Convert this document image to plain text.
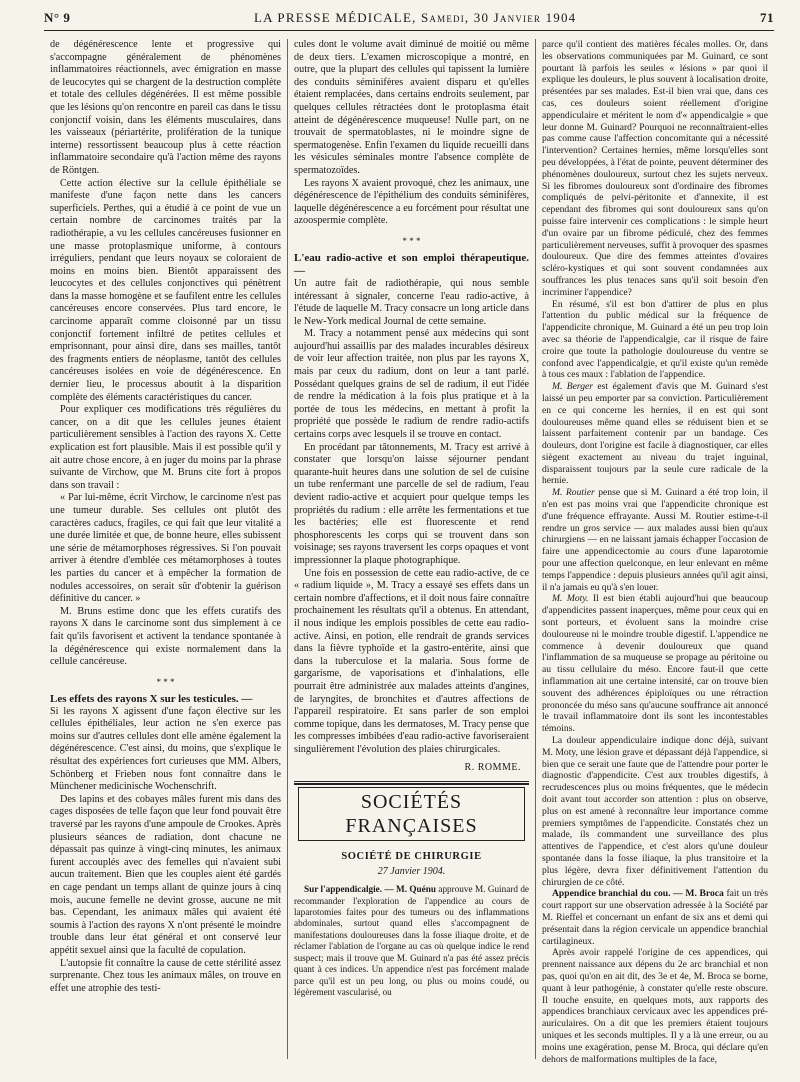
N° 9	LA PRESSE MÉDICALE, Samedi, 30 Janvier 1904	71

de dégénérescence lente et progressive qui s'accompagne généralement de phénomènes inflammatoires réactionnels, avec émigration en masse de leucocytes qui se chargent de la destruction complète et totale des cellules dégénérées. Il est même possible que les lésions qu'on rencontre en pareil cas dans le tissu conjonctif voisin, dans les éléments musculaires, dans les vaisseaux (périartérite, prolifération de la tunique interne) ressortissent beaucoup plus à cette réaction inflammatoire secondaire qu'à l'action même des rayons de Röntgen.

Cette action élective sur la cellule épithéliale se manifeste d'une façon nette dans les cancers superficiels. Perthes, qui a étudié à ce point de vue un certain nombre de carcinomes traités par la radiothérapie, a vu les cellules cancéreuses fusionner en une masse protoplasmique uniforme, à contours irréguliers, pendant que leurs noyaux se coloraient de moins en moins bien. Bientôt apparaissent des leucocytes et des cellules conjonctives qui pénètrent dans la masse homogène et se faufilent entre les cellules cancéreuses encore conservées. Plus tard encore, le carcinome apparaît comme cloisonné par un tissu conjonctif fortement infiltré de petites cellules et emprisonnant, pour ainsi dire, dans ses mailles, tantôt des fragments entiers de néoplasme, tantôt des cellules cancéreuses isolées en voie de dégénérescence. En dernier lieu, le processus aboutit à la disparition complète des éléments caractéristiques du cancer.

Pour expliquer ces modifications très régulières du cancer, on a dit que les cellules jeunes étaient particulièrement sensibles à l'action des rayons X. Cette explication est fort plausible. Mais il est possible qu'il y ait autre chose encore, à en juger du moins par la phrase suivante de Virchow, que M. Bruns cite fort à propos dans son travail :

« Par lui-même, écrit Virchow, le carcinome n'est pas une tumeur durable. Ses cellules ont plutôt des caractères caducs, fragiles, ce qui fait que leur vitalité a une durée limitée et que, de bonne heure, elles subissent une série de métamorphoses régressives. Si l'on pouvait arriver à étendre d'emblée ces métamorphoses à toutes les parties du cancer et à empêcher la formation de nodules accessoires, on serait sûr d'obtenir la guérison définitive du cancer. »

M. Bruns estime donc que les effets curatifs des rayons X dans le carcinome sont dus simplement à ce fait qu'ils favorisent et activent la tendance spontanée à la dégénérescence qui existe normalement dans la cellule cancéreuse.

* * *
Les effets des rayons X sur les testicules. —

Si les rayons X agissent d'une façon élective sur les cellules épithéliales, leur action ne s'en exerce pas moins sur d'autres cellules dont elle amène également la dégénérescence. C'est ainsi, du moins, que s'explique le résultat des expériences fort curieuses que MM. Albers, Schönberg et Frieben nous font connaître dans le Münchener medicinische Wochenschrift.

Des lapins et des cobayes mâles furent mis dans des cages disposées de telle façon que leur fond pouvait être traversé par les rayons d'une ampoule de Crookes. Après plusieurs séances de radiation, dont chacune ne dépassait pas quinze à vingt-cinq minutes, les animaux furent accouplés avec des femelles qui n'avaient subi aucun traitement. Bien que les couples aient été gardés en cage pendant un temps allant de quinze jours à cinq mois, aucune femelle ne devint grosse, aucune ne mit bas. Cependant, les animaux mâles qui avaient été soumis à l'action des rayons X n'ont présenté le moindre trouble dans leur état général et ont conservé leur appétit sexuel ainsi que la faculté de copulation.

L'autopsie fit connaître la cause de cette stérilité assez surprenante. Chez tous les animaux mâles, on trouve en effet une atrophie des testi-

cules dont le volume avait diminué de moitié ou même de deux tiers. L'examen microscopique a montré, en outre, que la plupart des cellules qui tapissent la lumière des conduits séminifères avaient disparu et qu'elles étaient remplacées, dans certains endroits seulement, par quelques cellules rétractées dont le protoplasma était atteint de dégénérescence muqueuse! Nulle part, on ne trouvait de spermatoblastes, ni le moindre signe de spermatogenèse. Enfin l'examen du liquide recueilli dans les vésicules séminales montre l'absence complète de spermatozoïdes.

Les rayons X avaient provoqué, chez les animaux, une dégénérescence de l'épithélium des conduits séminifères, laquelle dégénérescence a eu forcément pour résultat une azoospermie complète.

* * *
L'eau radio-active et son emploi thérapeutique. —

Un autre fait de radiothérapie, qui nous semble intéressant à signaler, concerne l'eau radio-active, à l'étude de laquelle M. Tracy consacre un long article dans le New-York medical Journal de cette semaine.

M. Tracy a notamment pensé aux médecins qui sont aujourd'hui assaillis par des malades incurables désireux de voir leur affection traitée, non plus par les rayons X, mais par ceux du radium, dont on leur a tant parlé. Possédant quelques grains de sel de radium, il eut l'idée de rendre la médication à la fois plus pratique et à la portée de tous les médecins, en mettant à profit la propriété que possède le radium de rendre radio-actifs certains corps avec lesquels il se trouve en contact.

En procédant par tâtonnements, M. Tracy est arrivé à constater que lorsqu'on laisse séjourner pendant quarante-huit heures dans une solution de sel de cuisine un tube renfermant une parcelle de sel de radium, l'eau devient radio-active et acquiert pour quelque temps les propriétés du radium : elle arrête les fermentations et tue les bactéries; elle est fluorescente et rend phosphorescents les corps qui se trouvent dans son voisinage; ses rayons traversent les corps opaques et vont impressionner la plaque photographique.

Une fois en possession de cette eau radio-active, de ce « radium liquide », M. Tracy a essayé ses effets dans un certain nombre d'affections, et il doit nous faire connaître prochainement les résultats qu'il a obtenus. En attendant, il nous indique les emplois possibles de cette eau radio-active. Ainsi, en potion, elle rendrait de grands services dans la fièvre typhoïde et la gastro-entérite, ainsi que dans la tuberculose et la malaria. Sous forme de gargarisme, de vaporisations et d'inhalations, elle pourrait être administrée aux malades atteints d'angines, de laryngites, de bronchites et d'autres affections de l'appareil respiratoire. Et sans parler de son emploi comme topique, dans les dermatoses, M. Tracy pense que les compresses imbibées d'eau radio-active favoriseraient singulièrement l'évolution des plaies chirurgicales.

R. ROMME.
SOCIÉTÉS FRANÇAISES
SOCIÉTÉ DE CHIRURGIE
27 Janvier 1904.

Sur l'appendicalgie. — M. Quénu approuve M. Guinard de recommander l'exploration de l'appendice au cours de laparotomies faites pour des tumeurs ou des inflammations abdominales, surtout quand elles s'accompagnent de manifestations douloureuses dans la fosse iliaque droite, et de réclamer l'ablation de l'organe au cas où quelque indice le rend suspect; mais il trouve que M. Guinard n'a pas été assez précis quant à ces indices. Un appendice n'est pas forcément malade parce qu'il est un peu long, ou plus ou moins coudé, ou légèrement vascularisé, ou

parce qu'il contient des matières fécales molles. Or, dans les observations communiquées par M. Guinard, ce sont pourtant là parfois les seules « lésions » par quoi il explique les douleurs, le plus souvent à localisation droite, présentées par ses malades. Est-il bien vrai que, dans ces cas, ces douleurs soient réellement d'origine appendiculaire et méritent le nom d'« appendicalgie » que leur donne M. Guinard? Pourquoi ne reconnaîtraient-elles pas comme cause l'affection concomitante qui a nécessité l'intervention? Certaines hernies, même lorsqu'elles sont peu développées, à l'état de pointe, peuvent déterminer des phénomènes douloureux, surtout chez les sujets nerveux. Si les fibromes douloureux sont d'ordinaire des fibromes compliqués de pelvi-péritonite et d'annexite, il est cependant des fibromes qui sont douloureux sans qu'on puisse faire intervenir ces complications : le simple heurt d'un ovaire par un fibrome pédiculé, chez des femmes particulièrement nerveuses, suffit à provoquer des spasmes douloureux. Que dire des femmes atteintes d'ovaires scléro-kystiques et qui sont souvent condamnées aux souffrances les plus tenaces sans qu'il soit besoin d'en incriminer l'appendice?

En résumé, s'il est bon d'attirer de plus en plus l'attention du public médical sur la fréquence de l'appendicite chronique, M. Guinard a été un peu trop loin avec sa théorie de l'appendicalgie, car il risque de faire croire que toute la pathologie douloureuse du ventre se confond avec l'appendicalgie, et qu'il existe qu'un remède à tous ces maux : l'ablation de l'appendice.

M. Berger est également d'avis que M. Guinard s'est laissé un peu emporter par sa conviction. Particulièrement en ce qui concerne les hernies, il en est qui sont douloureuses même quand elles se réduisent bien et se laissent parfaitement contenir par un bandage. Ces douleurs, dont l'origine est facile à diagnostiquer, car elles siègent exactement au niveau du trajet inguinal, disparaissent toujours par la seule cure radicale de la hernie.

M. Routier pense que si M. Guinard a été trop loin, il n'en est pas moins vrai que l'appendicite chronique est d'une fréquence effrayante. Aussi M. Routier estime-t-il rendre un gros service — aux malades aussi bien qu'aux chirurgiens — en ne laissant jamais échapper l'occasion de faire une appendicectomie au cours d'une laparotomie pour une affection quelconque, en leur enlevant en même temps l'appendice : depuis plusieurs années qu'il agit ainsi, il n'a jamais eu qu'à s'en louer.

M. Moty. Il est bien établi aujourd'hui que beaucoup d'appendicites passent inaperçues, même pour ceux qui en sont porteurs, et évoluent sans la moindre crise douloureuse ni le moindre trouble digestif. L'appendice ne commence à devenir douloureux que quand l'inflammation de sa muqueuse se propage au péritoine ou au tissu cellulaire du méso. Encore faut-il que cette inflammation ait une certaine intensité, car on trouve bien souvent des adhérences épiploïques ou une rétraction prononcée du méso sans qu'aucune souffrance ait annoncé le travail inflammatoire dont ils sont les incontestables témoins.

La douleur appendiculaire indique donc déjà, suivant M. Moty, une lésion grave et dépassant déjà l'appendice, si bien que ce serait une faute que de l'attendre pour porter le diagnostic d'appendicite. C'est aux troubles digestifs, à recrudescences plus ou moins fréquentes, que le médecin doit avant tout accorder son attention : plus on observe, plus on est amené à reconnaître leur importance comme premiers symptômes de l'appendicite. Constatés chez un malade, ils commandent une surveillance des plus attentives de l'appendice, et c'est alors qu'une douleur spontanée dans la fosse iliaque, la plus transitoire et la plus légère, devra fixer définitivement l'attention du chirurgien de ce côté.

Appendice branchial du cou. — M. Broca fait un très court rapport sur une observation adressée à la Société par M. Rieffel et concernant un enfant de six ans et demi qui présentait dans la région cervicale un appendice branchial cartilagineux.

Après avoir rappelé l'origine de ces appendices, qui prennent naissance aux dépens du 2e arc branchial et non pas, quoi qu'on en ait dit, des 3e et 4e, M. Broca se borne, quant à leur pathogénie, à constater qu'elle reste obscure. Il touche ensuite, en quelques mots, aux rapports des appendices branchiaux cervicaux avec les appendices pré-auriculaires. On a dit que les premiers étaient toujours uniques et les seconds multiples. Il y a là une erreur, ou au moins une exagération, pense M. Broca, qui déclare qu'en dehors de malformations multiples de la face,
